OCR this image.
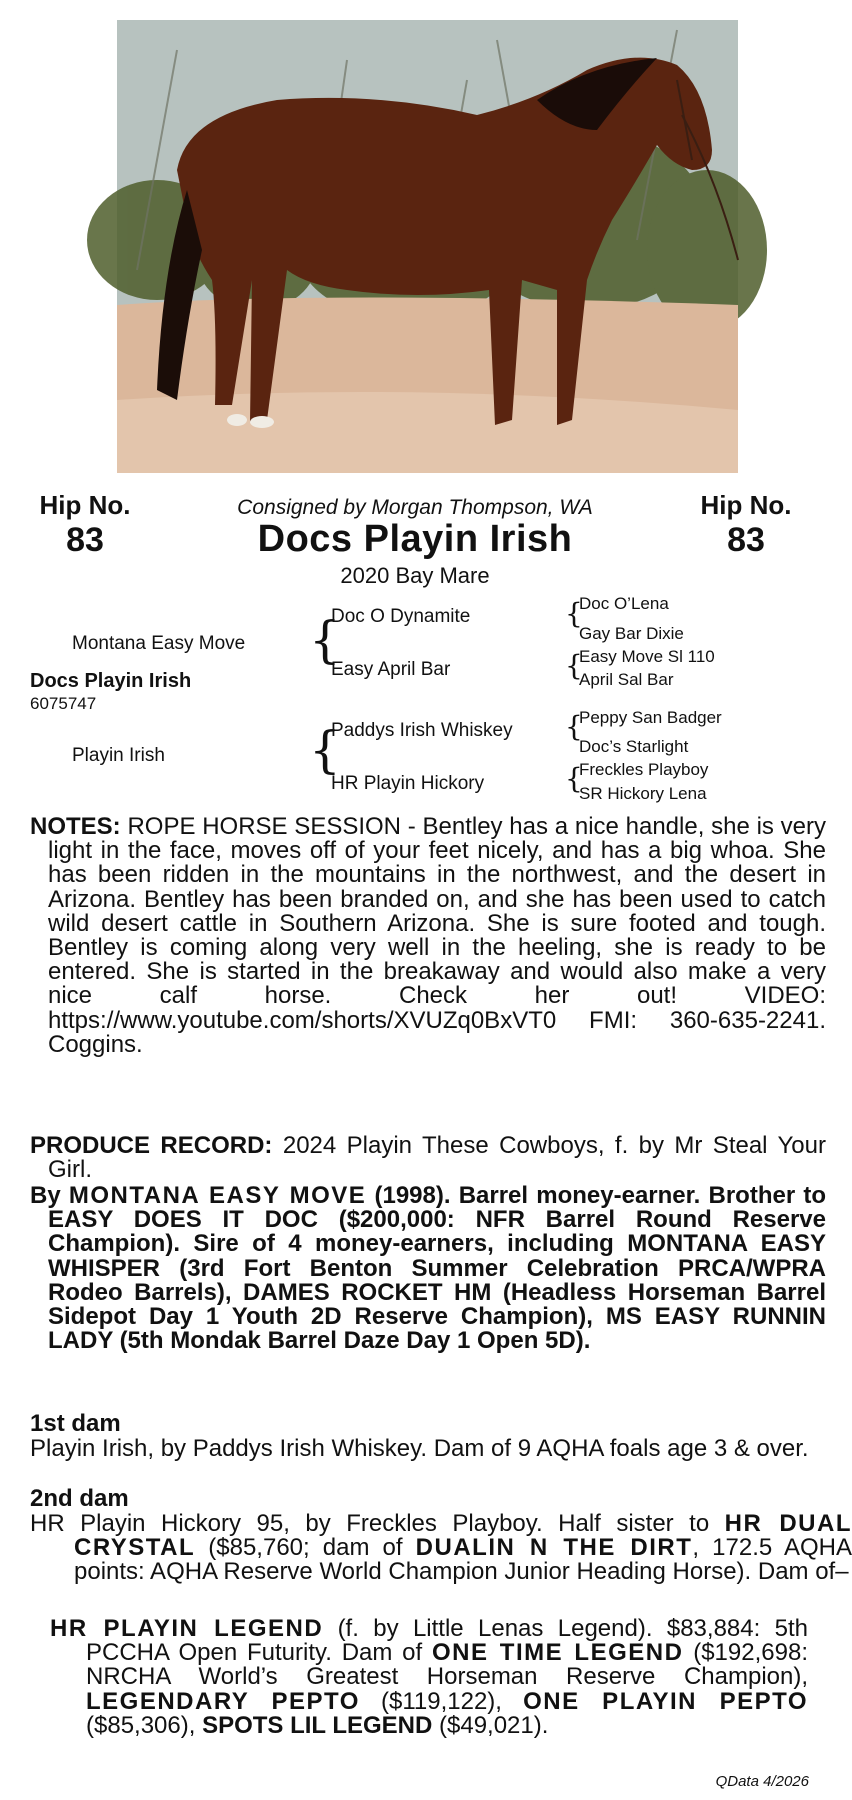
Hip No.
83
Hip No.
83
Consigned by Morgan Thompson, WA
Docs Playin Irish
2020 Bay Mare
Montana Easy Move
Docs Playin Irish
6075747
Playin Irish
{
{
Doc O Dynamite
Easy April Bar
Paddys Irish Whiskey
HR Playin Hickory
{
{
{
{
Doc O’Lena
Gay Bar Dixie
Easy Move Sl 110
April Sal Bar
Peppy San Badger
Doc’s Starlight
Freckles Playboy
SR Hickory Lena
NOTES: ROPE HORSE SESSION - Bentley has a nice handle, she is very light in the face, moves off of your feet nicely, and has a big whoa. She has been ridden in the mountains in the northwest, and the desert in Arizona. Bentley has been branded on, and she has been used to catch wild desert cattle in Southern Arizona. She is sure footed and tough. Bentley is coming along very well in the heeling, she is ready to be entered. She is started in the breakaway and would also make a very nice calf horse. Check her out! VIDEO: https://www.youtube.com/shorts/XVUZq0BxVT0 FMI: 360-635-2241. Coggins.
PRODUCE RECORD: 2024 Playin These Cowboys, f. by Mr Steal Your Girl.
By MONTANA EASY MOVE (1998). Barrel money-earner. Brother to EASY DOES IT DOC ($200,000: NFR Barrel Round Reserve Champion). Sire of 4 money-earners, including MONTANA EASY WHISPER (3rd Fort Benton Summer Celebration PRCA/WPRA Rodeo Barrels), DAMES ROCKET HM (Headless Horseman Barrel Sidepot Day 1 Youth 2D Reserve Champion), MS EASY RUNNIN LADY (5th Mondak Barrel Daze Day 1 Open 5D).
1st dam
Playin Irish, by Paddys Irish Whiskey. Dam of 9 AQHA foals age 3 & over.
2nd dam
HR Playin Hickory 95, by Freckles Playboy. Half sister to HR DUAL CRYSTAL ($85,760; dam of DUALIN N THE DIRT, 172.5 AQHA points: AQHA Reserve World Champion Junior Heading Horse). Dam of–
HR PLAYIN LEGEND (f. by Little Lenas Legend). $83,884: 5th PCCHA Open Futurity. Dam of ONE TIME LEGEND ($192,698: NRCHA World’s Greatest Horseman Reserve Champion), LEGENDARY PEPTO ($119,122), ONE PLAYIN PEPTO ($85,306), SPOTS LIL LEGEND ($49,021).
QData 4/2026
